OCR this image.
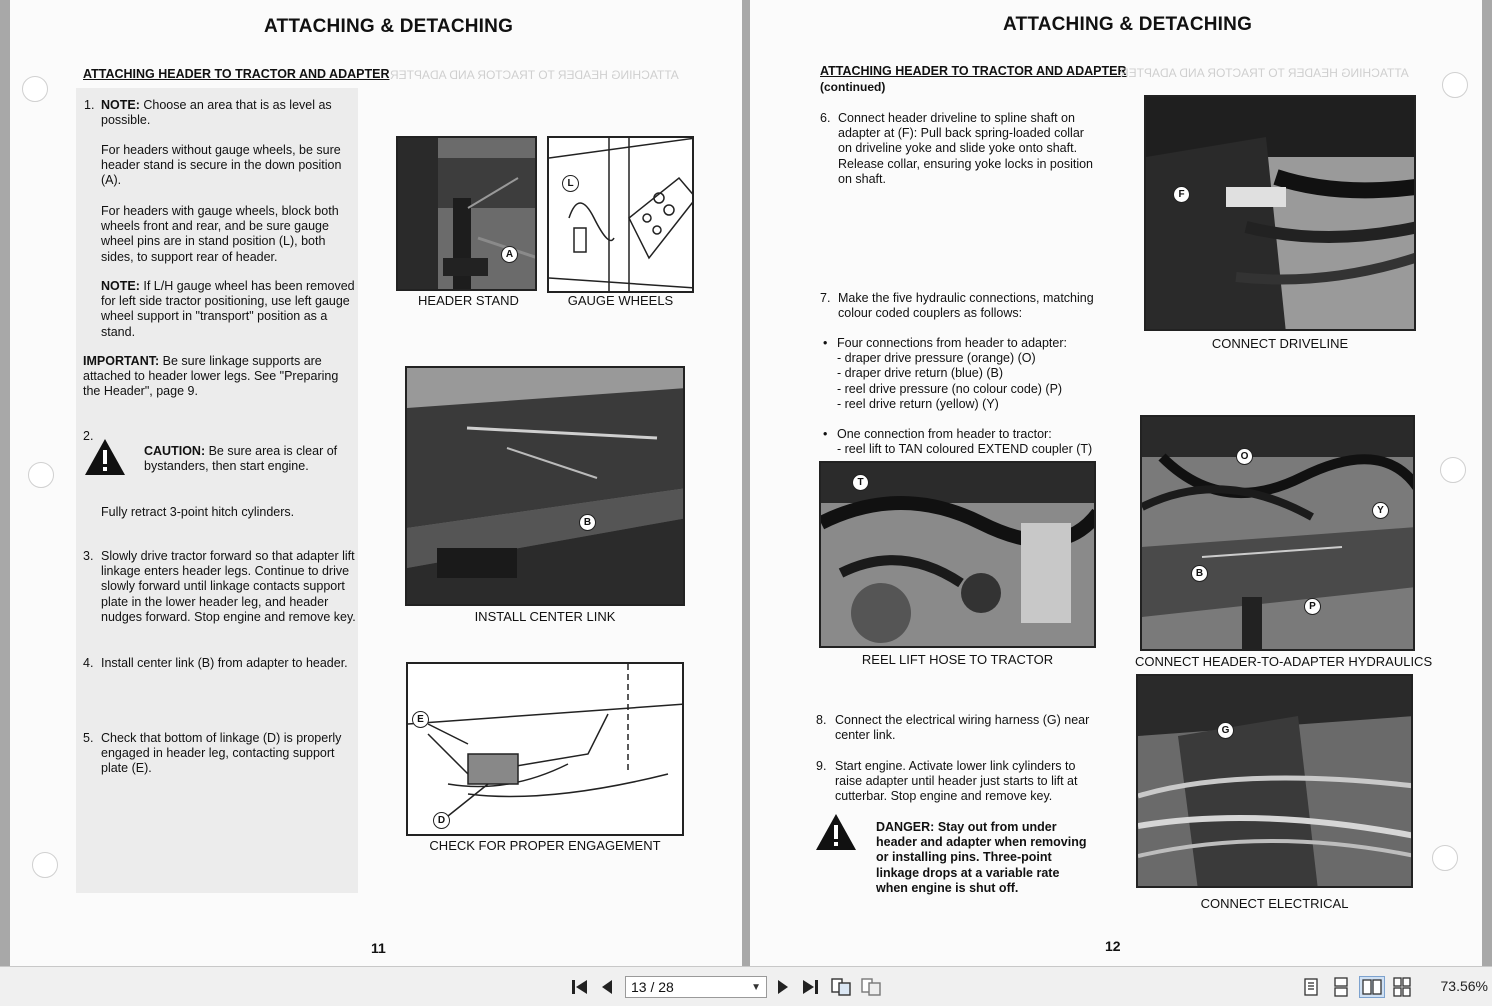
ATTACHING & DETACHING
ATTACHING HEADER TO TRACTOR AND ADAPTER ATTACHING HEADER TO TRACTOR AND ADAPTER
1. NOTE: Choose an area that is as level as possible.
For headers without gauge wheels, be sure header stand is secure in the down position (A).
For headers with gauge wheels, block both wheels front and rear, and be sure gauge wheel pins are in stand position (L), both sides, to support rear of header.
NOTE: If L/H gauge wheel has been removed for left side tractor positioning, use left gauge wheel support in "transport" position as a stand.
IMPORTANT: Be sure linkage supports are attached to header lower legs. See "Preparing the Header", page 9.
2.
CAUTION: Be sure area is clear of bystanders, then start engine.
Fully retract 3-point hitch cylinders.
3. Slowly drive tractor forward so that adapter lift linkage enters header legs. Continue to drive slowly forward until linkage contacts support plate in the lower header leg, and header nudges forward. Stop engine and remove key.
4. Install center link (B) from adapter to header.
5. Check that bottom of linkage (D) is properly engaged in header leg, contacting support plate (E).
A
HEADER STAND
L
GAUGE WHEELS
B
INSTALL CENTER LINK
E
D
CHECK FOR PROPER ENGAGEMENT
11
ATTACHING & DETACHING
ATTACHING HEADER TO TRACTOR AND ADAPTER
(continued)
ATTACHING HEADER TO TRACTOR AND ADAPTER
6. Connect header driveline to spline shaft on adapter at (F): Pull back spring-loaded collar on driveline yoke and slide yoke onto shaft. Release collar, ensuring yoke locks in position on shaft.
7. Make the five hydraulic connections, matching colour coded couplers as follows:
• Four connections from header to adapter:
- draper drive pressure (orange) (O)
- draper drive return (blue) (B)
- reel drive pressure (no colour code) (P)
- reel drive return (yellow) (Y)
• One connection from header to tractor:
- reel lift to TAN coloured EXTEND coupler (T)
T
REEL LIFT HOSE TO TRACTOR
8. Connect the electrical wiring harness (G) near center link.
9. Start engine. Activate lower link cylinders to raise adapter until header just starts to lift at cutterbar. Stop engine and remove key.
DANGER: Stay out from under header and adapter when removing or installing pins. Three-point linkage drops at a variable rate when engine is shut off.
F
CONNECT DRIVELINE
O
Y
B
P
CONNECT HEADER-TO-ADAPTER HYDRAULICS
G
CONNECT ELECTRICAL
12
13 / 28	▼	73.56%
